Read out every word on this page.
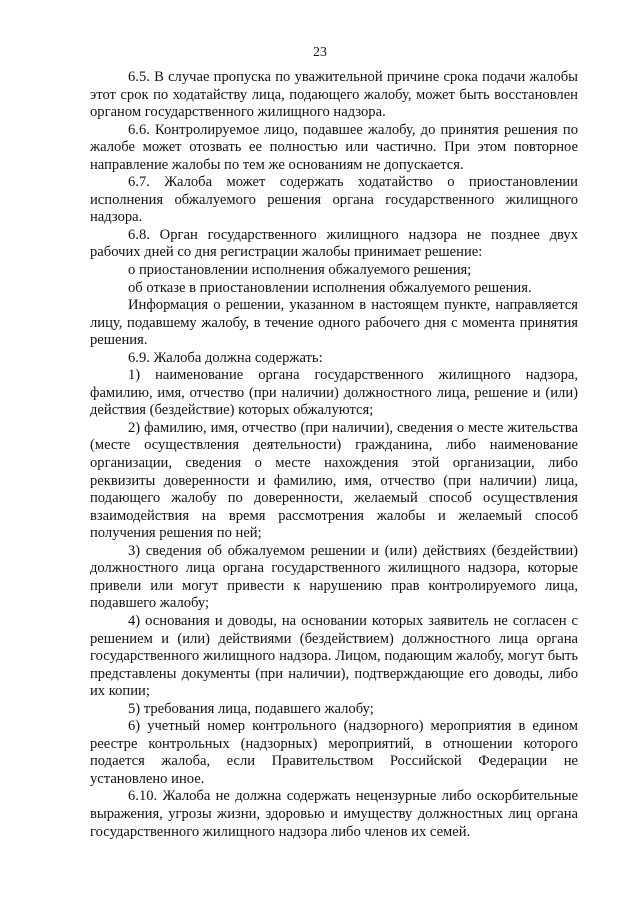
23

6.5. В случае пропуска по уважительной причине срока подачи жалобы этот срок по ходатайству лица, подающего жалобу, может быть восстановлен органом государственного жилищного надзора.

6.6. Контролируемое лицо, подавшее жалобу, до принятия решения по жалобе может отозвать ее полностью или частично. При этом повторное направление жалобы по тем же основаниям не допускается.

6.7. Жалоба может содержать ходатайство о приостановлении исполнения обжалуемого решения органа государственного жилищного надзора.

6.8. Орган государственного жилищного надзора не позднее двух рабочих дней со дня регистрации жалобы принимает решение:

о приостановлении исполнения обжалуемого решения;

об отказе в приостановлении исполнения обжалуемого решения.

Информация о решении, указанном в настоящем пункте, направляется лицу, подавшему жалобу, в течение одного рабочего дня с момента принятия решения.

6.9. Жалоба должна содержать:

1) наименование органа государственного жилищного надзора, фамилию, имя, отчество (при наличии) должностного лица, решение и (или) действия (бездействие) которых обжалуются;

2) фамилию, имя, отчество (при наличии), сведения о месте жительства (месте осуществления деятельности) гражданина, либо наименование организации, сведения о месте нахождения этой организации, либо реквизиты доверенности и фамилию, имя, отчество (при наличии) лица, подающего жалобу по доверенности, желаемый способ осуществления взаимодействия на время рассмотрения жалобы и желаемый способ получения решения по ней;

3) сведения об обжалуемом решении и (или) действиях (бездействии) должностного лица органа государственного жилищного надзора, которые привели или могут привести к нарушению прав контролируемого лица, подавшего жалобу;

4) основания и доводы, на основании которых заявитель не согласен с решением и (или) действиями (бездействием) должностного лица органа государственного жилищного надзора. Лицом, подающим жалобу, могут быть представлены документы (при наличии), подтверждающие его доводы, либо их копии;

5) требования лица, подавшего жалобу;

6) учетный номер контрольного (надзорного) мероприятия в едином реестре контрольных (надзорных) мероприятий, в отношении которого подается жалоба, если Правительством Российской Федерации не установлено иное.

6.10. Жалоба не должна содержать нецензурные либо оскорбительные выражения, угрозы жизни, здоровью и имуществу должностных лиц органа государственного жилищного надзора либо членов их семей.
